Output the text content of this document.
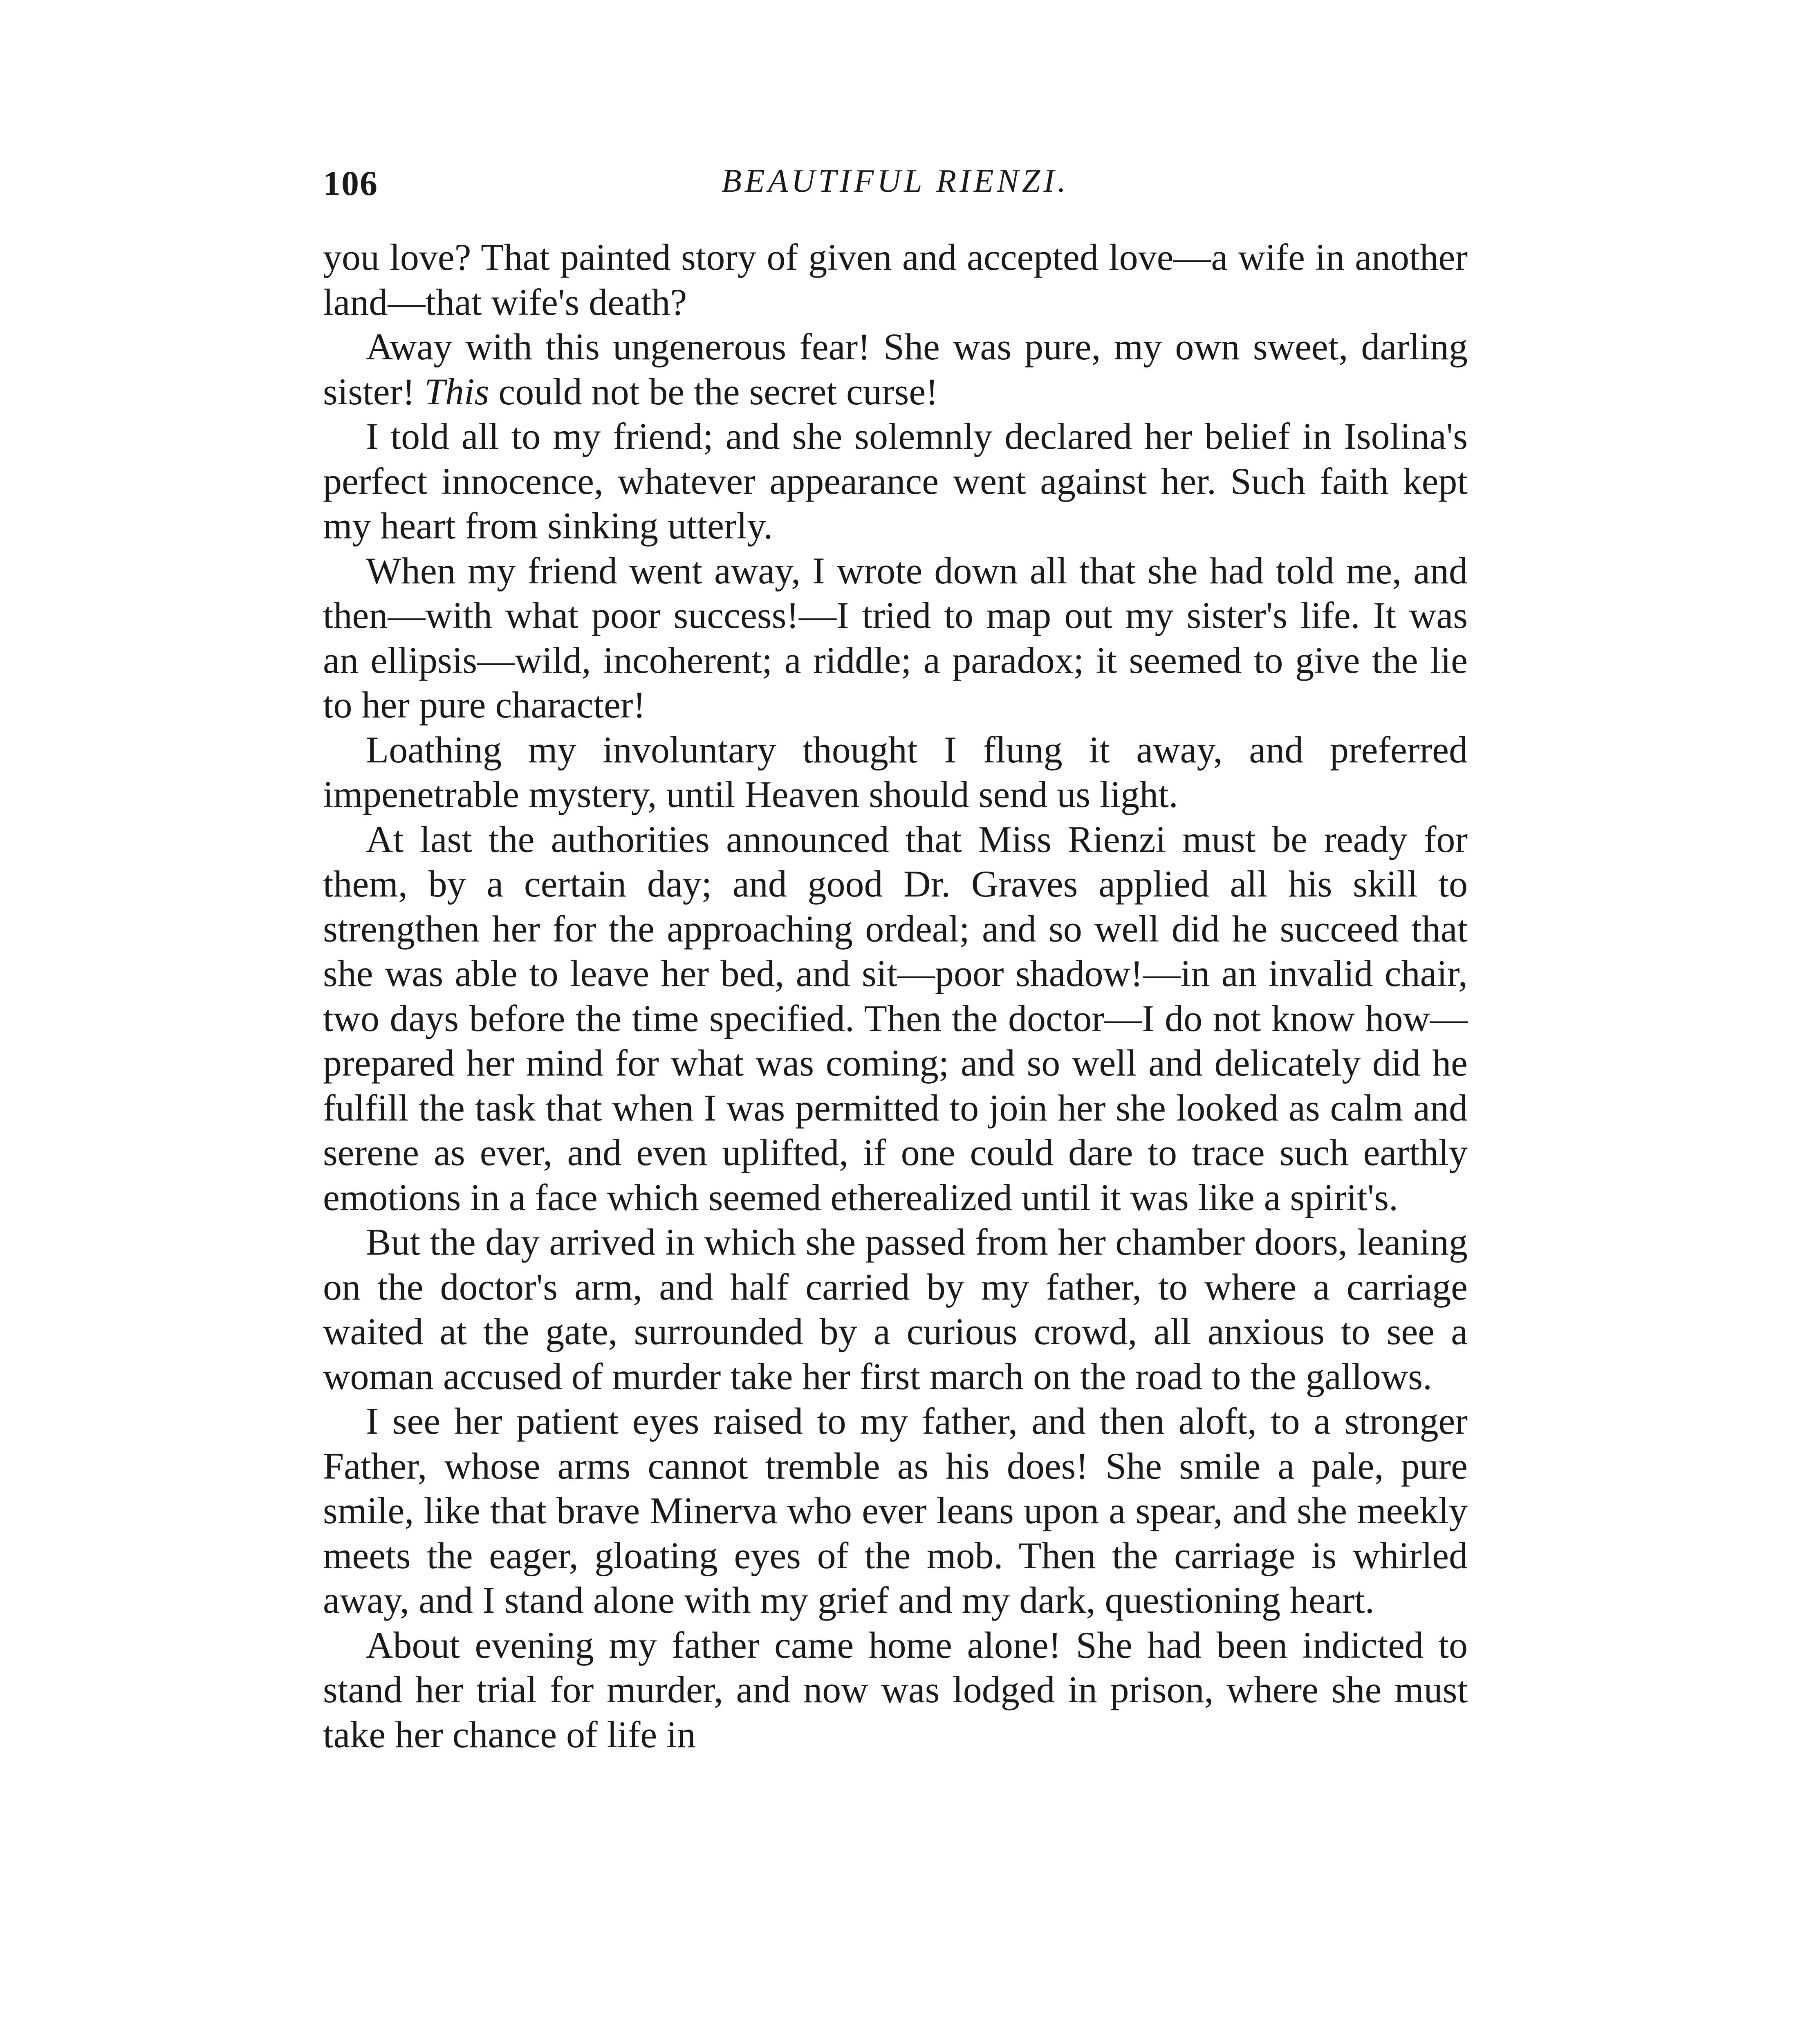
106	BEAUTIFUL RIENZI.

you love? That painted story of given and accepted love—a wife in another land—that wife's death?

Away with this ungenerous fear! She was pure, my own sweet, darling sister! This could not be the secret curse!

I told all to my friend; and she solemnly declared her belief in Isolina's perfect innocence, whatever appearance went against her. Such faith kept my heart from sinking utterly.

When my friend went away, I wrote down all that she had told me, and then—with what poor success!—I tried to map out my sister's life. It was an ellipsis—wild, incoherent; a riddle; a paradox; it seemed to give the lie to her pure character!

Loathing my involuntary thought I flung it away, and preferred impenetrable mystery, until Heaven should send us light.

At last the authorities announced that Miss Rienzi must be ready for them, by a certain day; and good Dr. Graves applied all his skill to strengthen her for the approaching ordeal; and so well did he succeed that she was able to leave her bed, and sit—poor shadow!—in an invalid chair, two days before the time specified. Then the doctor—I do not know how—prepared her mind for what was coming; and so well and delicately did he fulfill the task that when I was permitted to join her she looked as calm and serene as ever, and even uplifted, if one could dare to trace such earthly emotions in a face which seemed etherealized until it was like a spirit's.

But the day arrived in which she passed from her chamber doors, leaning on the doctor's arm, and half carried by my father, to where a carriage waited at the gate, surrounded by a curious crowd, all anxious to see a woman accused of murder take her first march on the road to the gallows.

I see her patient eyes raised to my father, and then aloft, to a stronger Father, whose arms cannot tremble as his does! She smile a pale, pure smile, like that brave Minerva who ever leans upon a spear, and she meekly meets the eager, gloating eyes of the mob. Then the carriage is whirled away, and I stand alone with my grief and my dark, questioning heart.

About evening my father came home alone! She had been indicted to stand her trial for murder, and now was lodged in prison, where she must take her chance of life in
